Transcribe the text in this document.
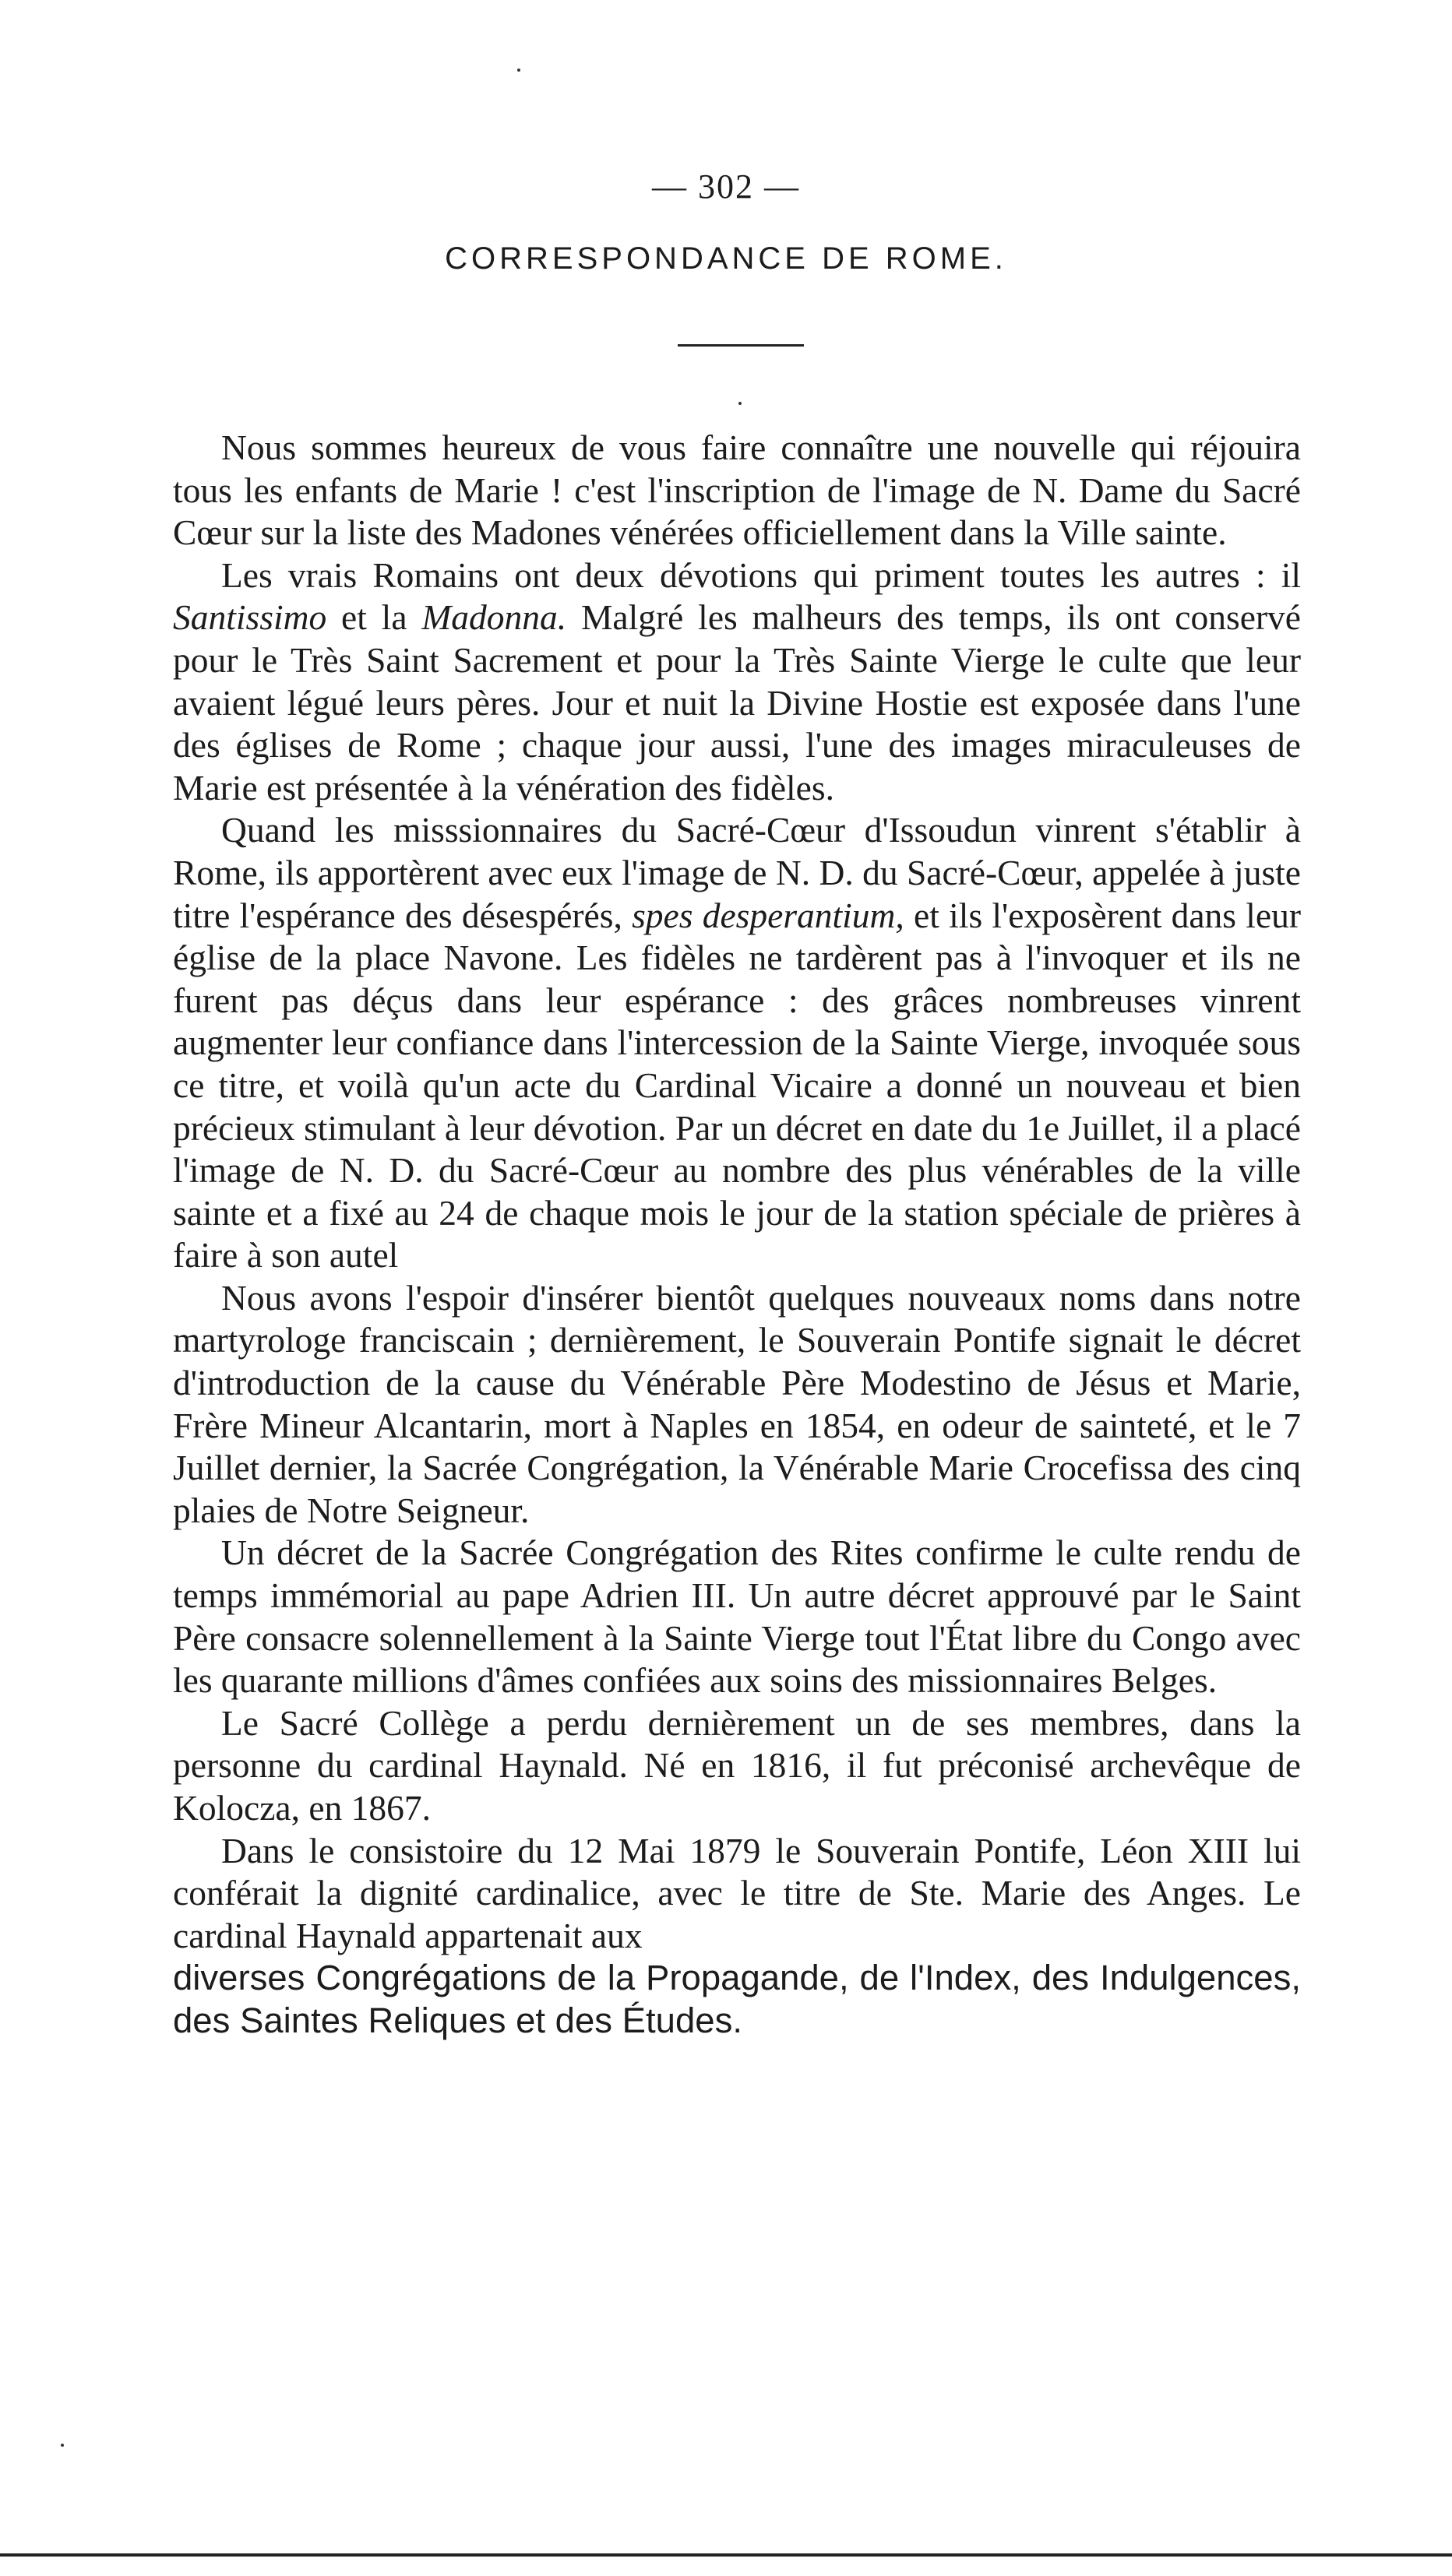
— 302 —
CORRESPONDANCE DE ROME.

Nous sommes heureux de vous faire connaître une nouvelle qui réjouira tous les enfants de Marie ! c'est l'inscription de l'image de N. Dame du Sacré Cœur sur la liste des Madones vénérées officiellement dans la Ville sainte.

Les vrais Romains ont deux dévotions qui priment toutes les autres : il Santissimo et la Madonna. Malgré les malheurs des temps, ils ont conservé pour le Très Saint Sacrement et pour la Très Sainte Vierge le culte que leur avaient légué leurs pères. Jour et nuit la Divine Hostie est exposée dans l'une des églises de Rome ; chaque jour aussi, l'une des images miraculeuses de Marie est présentée à la vénération des fidèles.

Quand les misssionnaires du Sacré-Cœur d'Issoudun vinrent s'établir à Rome, ils apportèrent avec eux l'image de N. D. du Sacré-Cœur, appelée à juste titre l'espérance des désespérés, spes desperantium, et ils l'exposèrent dans leur église de la place Navone. Les fidèles ne tardèrent pas à l'invoquer et ils ne furent pas déçus dans leur espérance : des grâces nombreuses vinrent augmenter leur confiance dans l'intercession de la Sainte Vierge, invoquée sous ce titre, et voilà qu'un acte du Cardinal Vicaire a donné un nouveau et bien précieux stimulant à leur dévotion. Par un décret en date du 1e Juillet, il a placé l'image de N. D. du Sacré-Cœur au nombre des plus vénérables de la ville sainte et a fixé au 24 de chaque mois le jour de la station spéciale de prières à faire à son autel

Nous avons l'espoir d'insérer bientôt quelques nouveaux noms dans notre martyrologe franciscain ; dernièrement, le Souverain Pontife signait le décret d'introduction de la cause du Vénérable Père Modestino de Jésus et Marie, Frère Mineur Alcantarin, mort à Naples en 1854, en odeur de sainteté, et le 7 Juillet dernier, la Sacrée Congrégation, la Vénérable Marie Crocefissa des cinq plaies de Notre Seigneur.

Un décret de la Sacrée Congrégation des Rites confirme le culte rendu de temps immémorial au pape Adrien III. Un autre décret approuvé par le Saint Père consacre solennellement à la Sainte Vierge tout l'État libre du Congo avec les quarante millions d'âmes confiées aux soins des missionnaires Belges.

Le Sacré Collège a perdu dernièrement un de ses membres, dans la personne du cardinal Haynald. Né en 1816, il fut préconisé archevêque de Kolocza, en 1867.

Dans le consistoire du 12 Mai 1879 le Souverain Pontife, Léon XIII lui conférait la dignité cardinalice, avec le titre de Ste. Marie des Anges. Le cardinal Haynald appartenait aux

diverses Congrégations de la Propagande, de l'Index, des Indulgences, des Saintes Reliques et des Études.
